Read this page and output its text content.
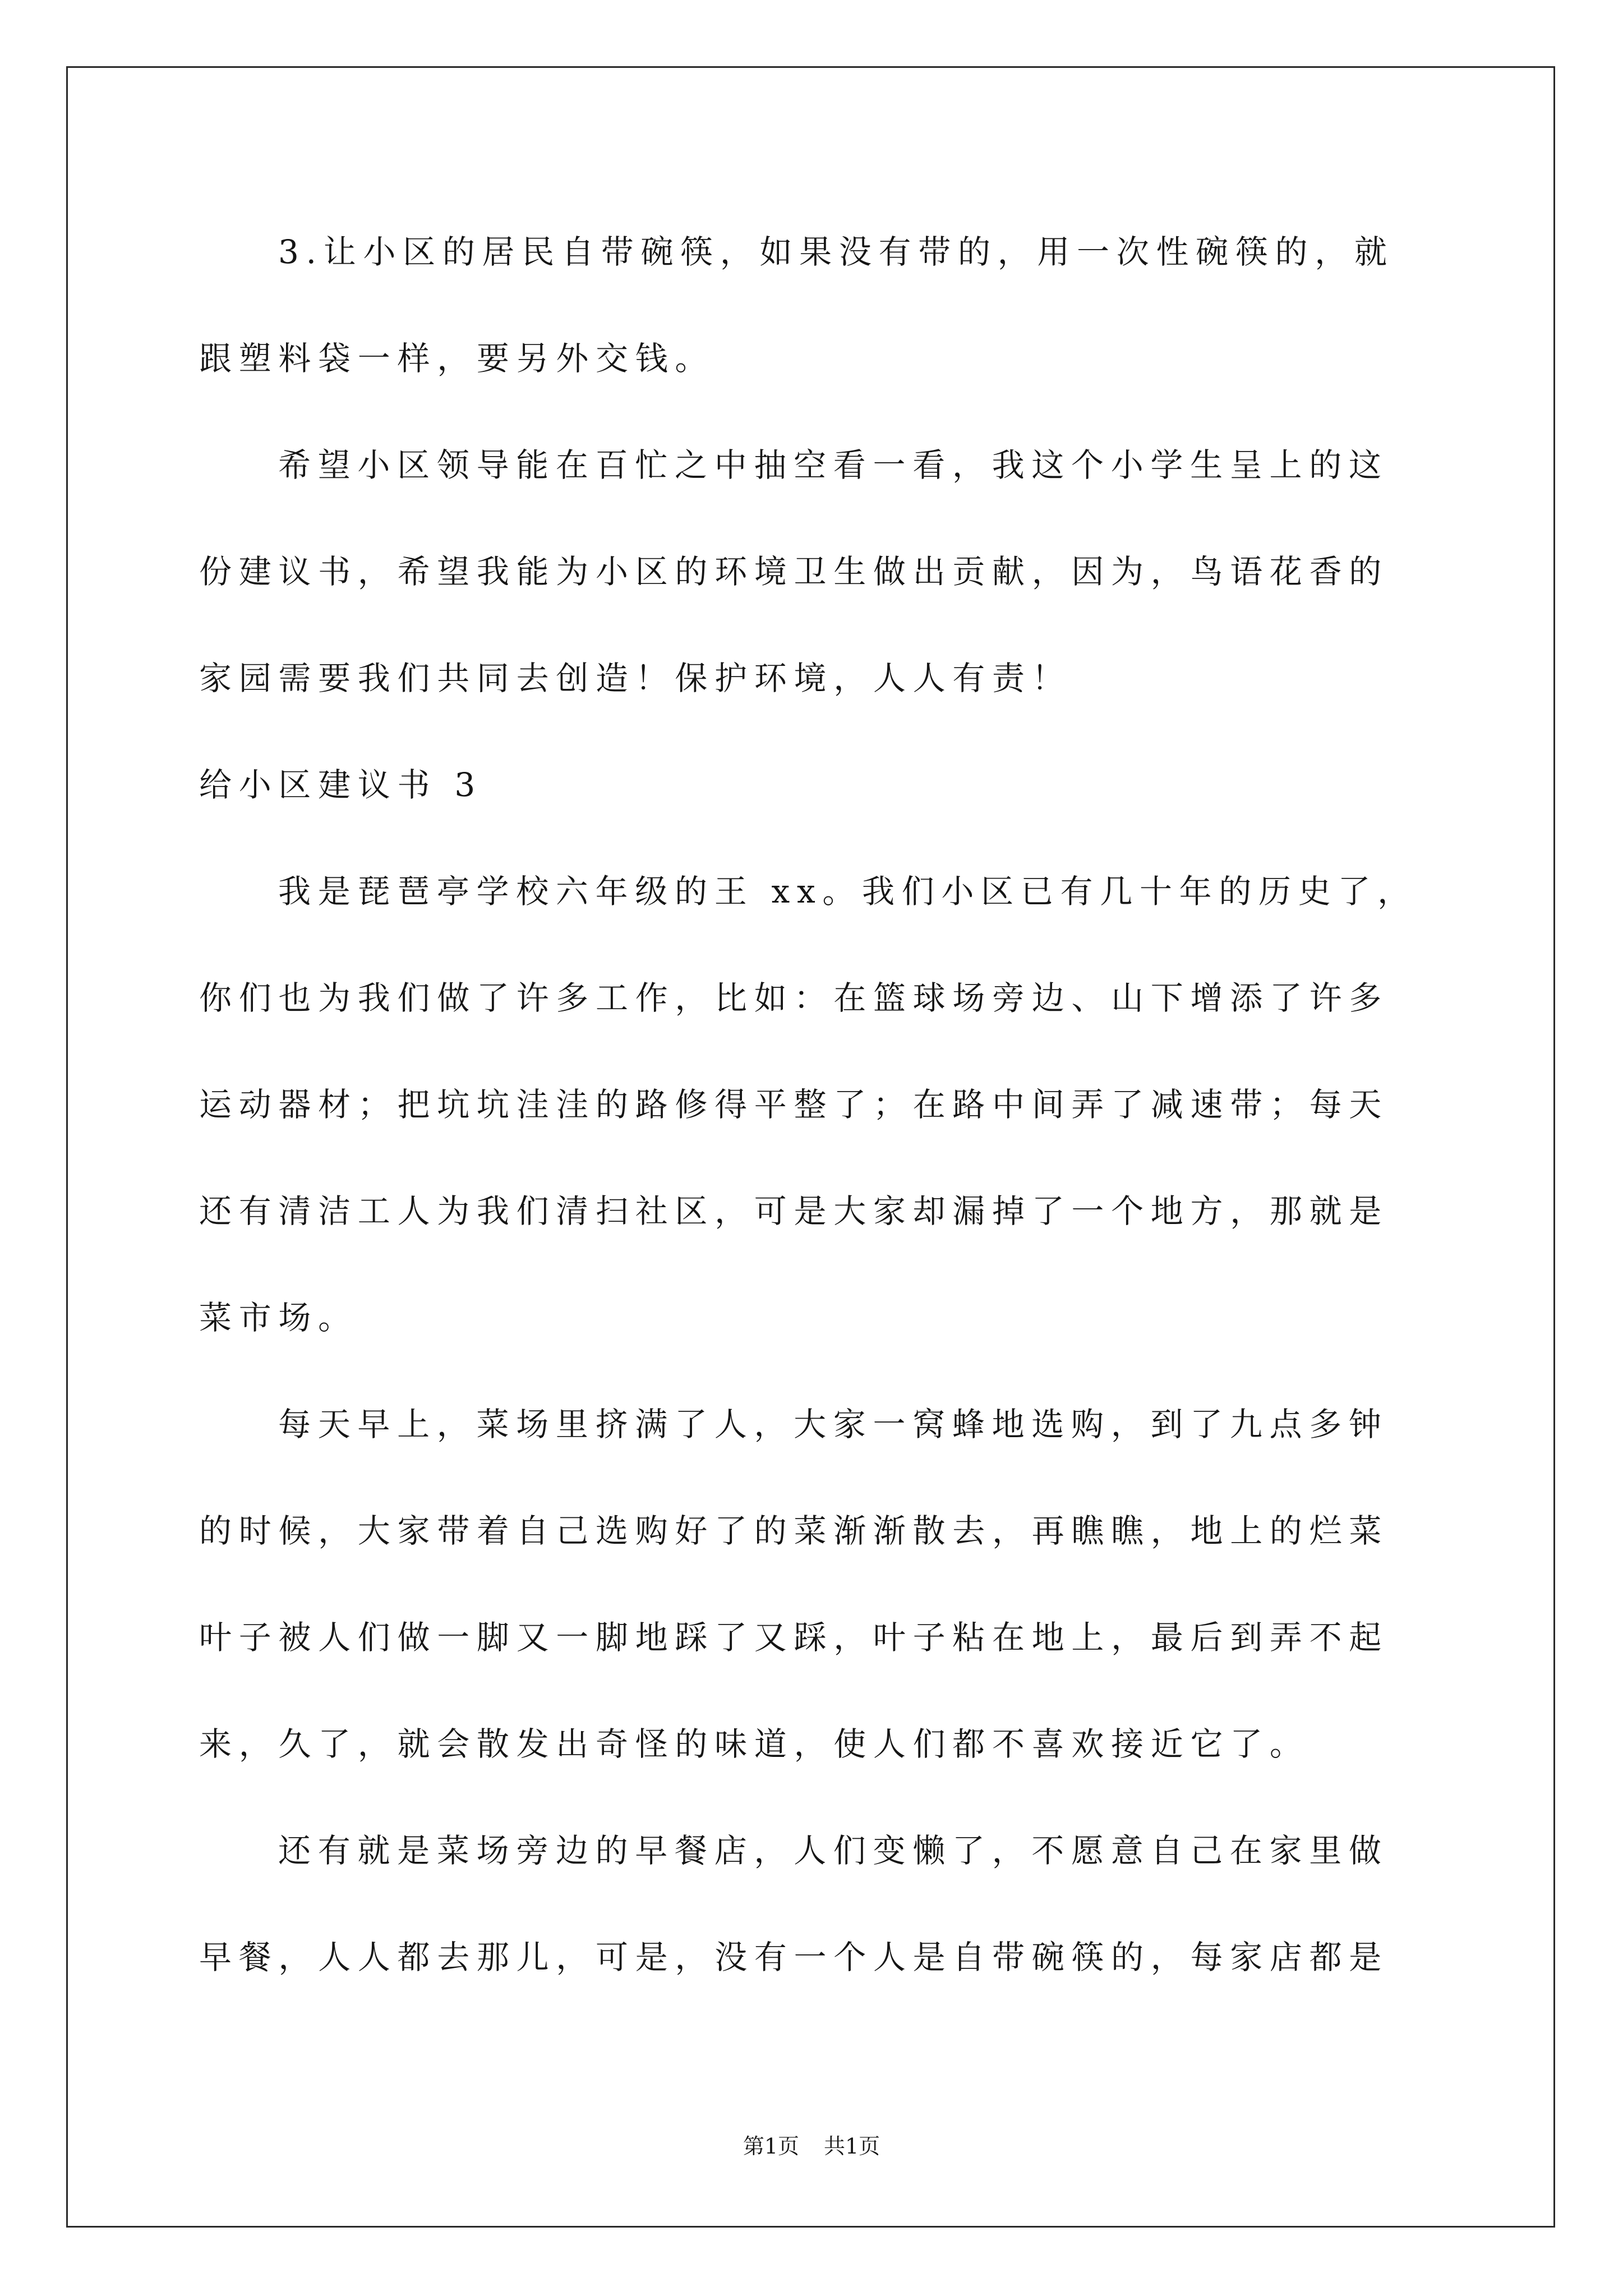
3.让小区的居民自带碗筷，如果没有带的，用一次性碗筷的，就
跟塑料袋一样，要另外交钱。
希望小区领导能在百忙之中抽空看一看，我这个小学生呈上的这
份建议书，希望我能为小区的环境卫生做出贡献，因为，鸟语花香的
家园需要我们共同去创造！保护环境，人人有责！
给小区建议书 3
我是琵琶亭学校六年级的王 xx。我们小区已有几十年的历史了，
你们也为我们做了许多工作，比如：在篮球场旁边、山下增添了许多
运动器材；把坑坑洼洼的路修得平整了；在路中间弄了减速带；每天
还有清洁工人为我们清扫社区，可是大家却漏掉了一个地方，那就是
菜市场。
每天早上，菜场里挤满了人，大家一窝蜂地选购，到了九点多钟
的时候，大家带着自己选购好了的菜渐渐散去，再瞧瞧，地上的烂菜
叶子被人们做一脚又一脚地踩了又踩，叶子粘在地上，最后到弄不起
来，久了，就会散发出奇怪的味道，使人们都不喜欢接近它了。
还有就是菜场旁边的早餐店，人们变懒了，不愿意自己在家里做
早餐，人人都去那儿，可是，没有一个人是自带碗筷的，每家店都是
第1页 共1页
